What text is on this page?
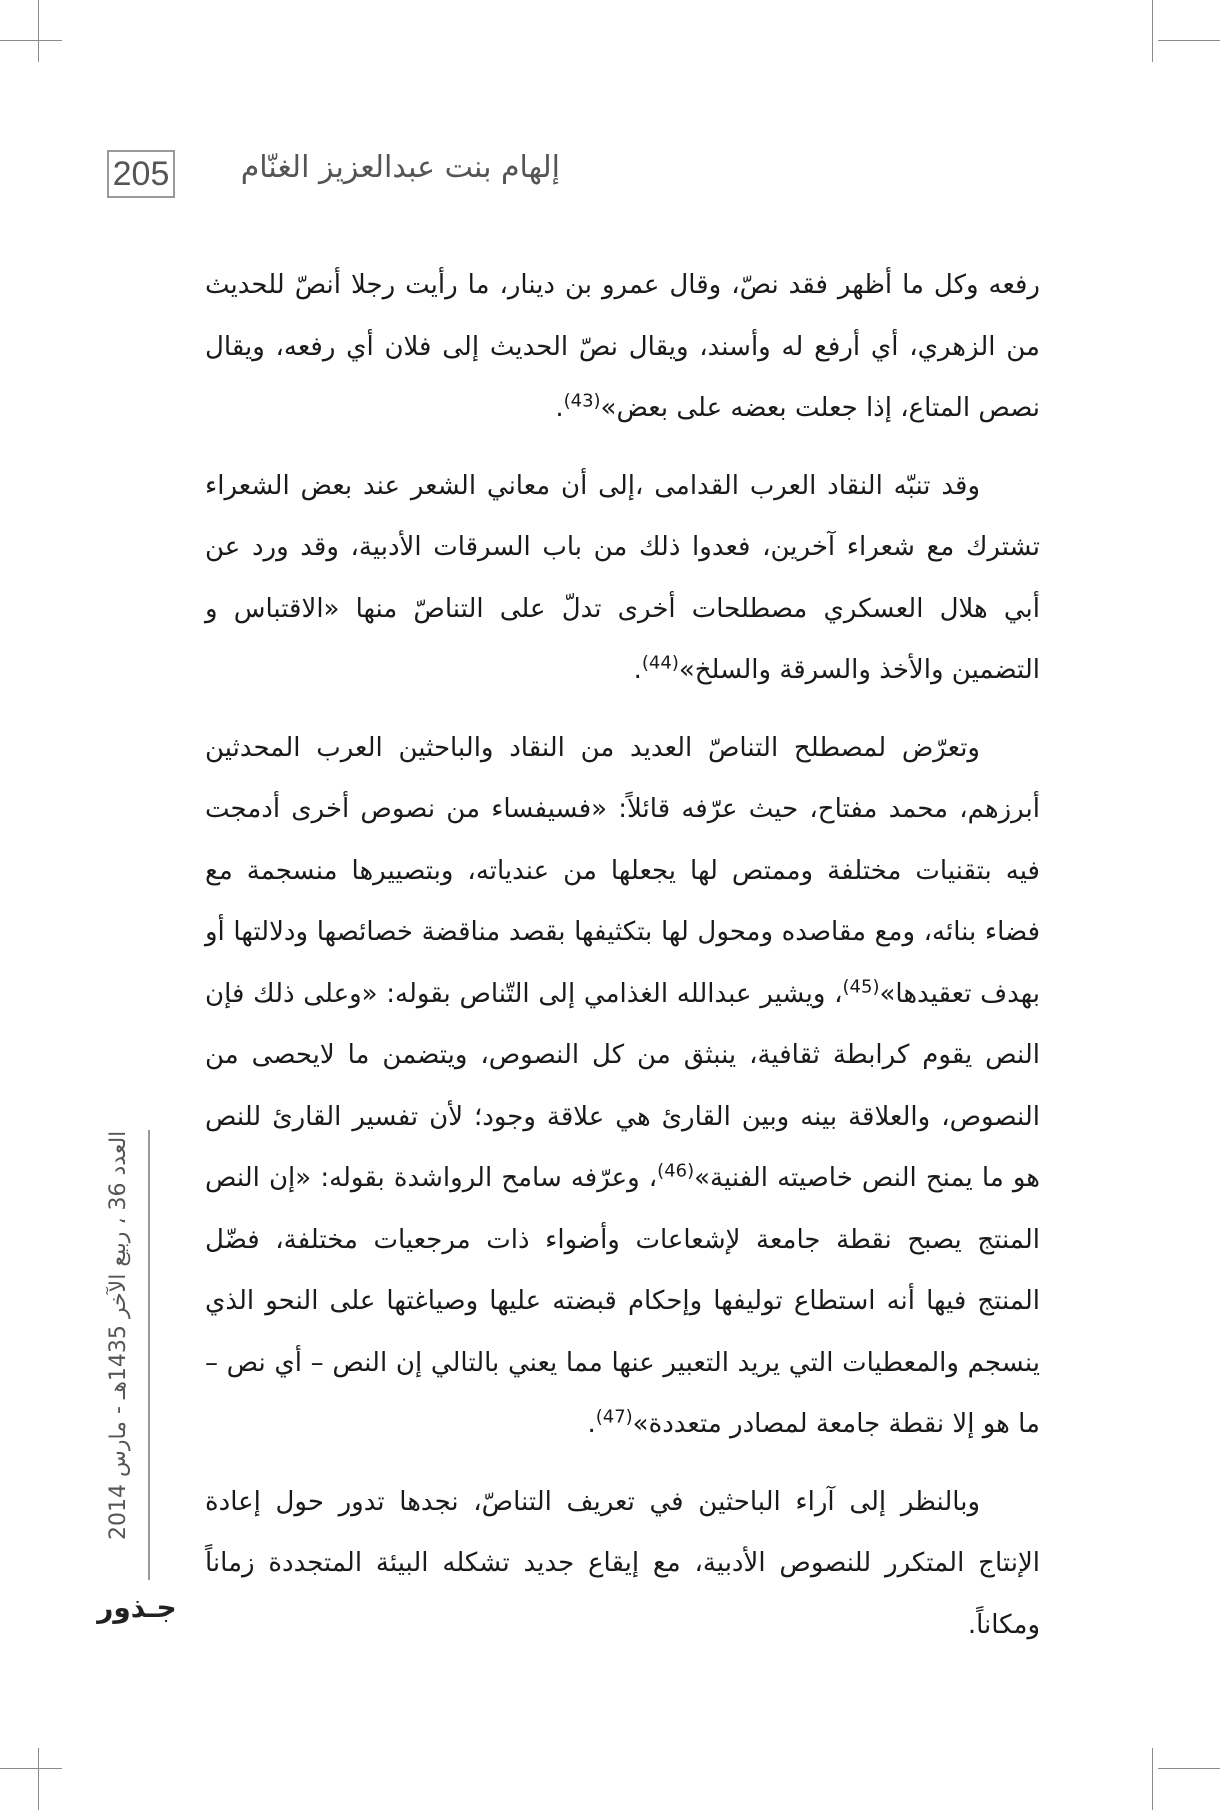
205 إلهام بنت عبدالعزيز الغنّام

رفعه وكل ما أظهر فقد نصّ، وقال عمرو بن دينار، ما رأيت رجلا أنصّ للحديث من الزهري، أي أرفع له وأسند، ويقال نصّ الحديث إلى فلان أي رفعه، ويقال نصص المتاع، إذا جعلت بعضه على بعض»$^{(43)}$.

وقد تنبّه النقاد العرب القدامى ،إلى أن معاني الشعر عند بعض الشعراء تشترك مع شعراء آخرين، فعدوا ذلك من باب السرقات الأدبية، وقد ورد عن أبي هلال العسكري مصطلحات أخرى تدلّ على التناصّ منها «الاقتباس و التضمين والأخذ والسرقة والسلخ»$^{(44)}$.

وتعرّض لمصطلح التناصّ العديد من النقاد والباحثين العرب المحدثين أبرزهم، محمد مفتاح، حيث عرّفه قائلاً: «فسيفساء من نصوص أخرى أدمجت فيه بتقنيات مختلفة وممتص لها يجعلها من عندياته، وبتصييرها منسجمة مع فضاء بنائه، ومع مقاصده ومحول لها بتكثيفها بقصد مناقضة خصائصها ودلالتها أو بهدف تعقيدها»$^{(45)}$، ويشير عبدالله الغذامي إلى التّناص بقوله: «وعلى ذلك فإن النص يقوم كرابطة ثقافية، ينبثق من كل النصوص، ويتضمن ما لايحصى من النصوص، والعلاقة بينه وبين القارئ هي علاقة وجود؛ لأن تفسير القارئ للنص هو ما يمنح النص خاصيته الفنية»$^{(46)}$، وعرّفه سامح الرواشدة بقوله: «إن النص المنتج يصبح نقطة جامعة لإشعاعات وأضواء ذات مرجعيات مختلفة، فضّل المنتج فيها أنه استطاع توليفها وإحكام قبضته عليها وصياغتها على النحو الذي ينسجم والمعطيات التي يريد التعبير عنها مما يعني بالتالي إن النص – أي نص – ما هو إلا نقطة جامعة لمصادر متعددة»$^{(47)}$.

وبالنظر إلى آراء الباحثين في تعريف التناصّ، نجدها تدور حول إعادة الإنتاج المتكرر للنصوص الأدبية، مع إيقاع جديد تشكله البيئة المتجددة زماناً ومكاناً.

العدد 36 ، ربيع الآخر 1435هـ - مارس 2014
جـذور
